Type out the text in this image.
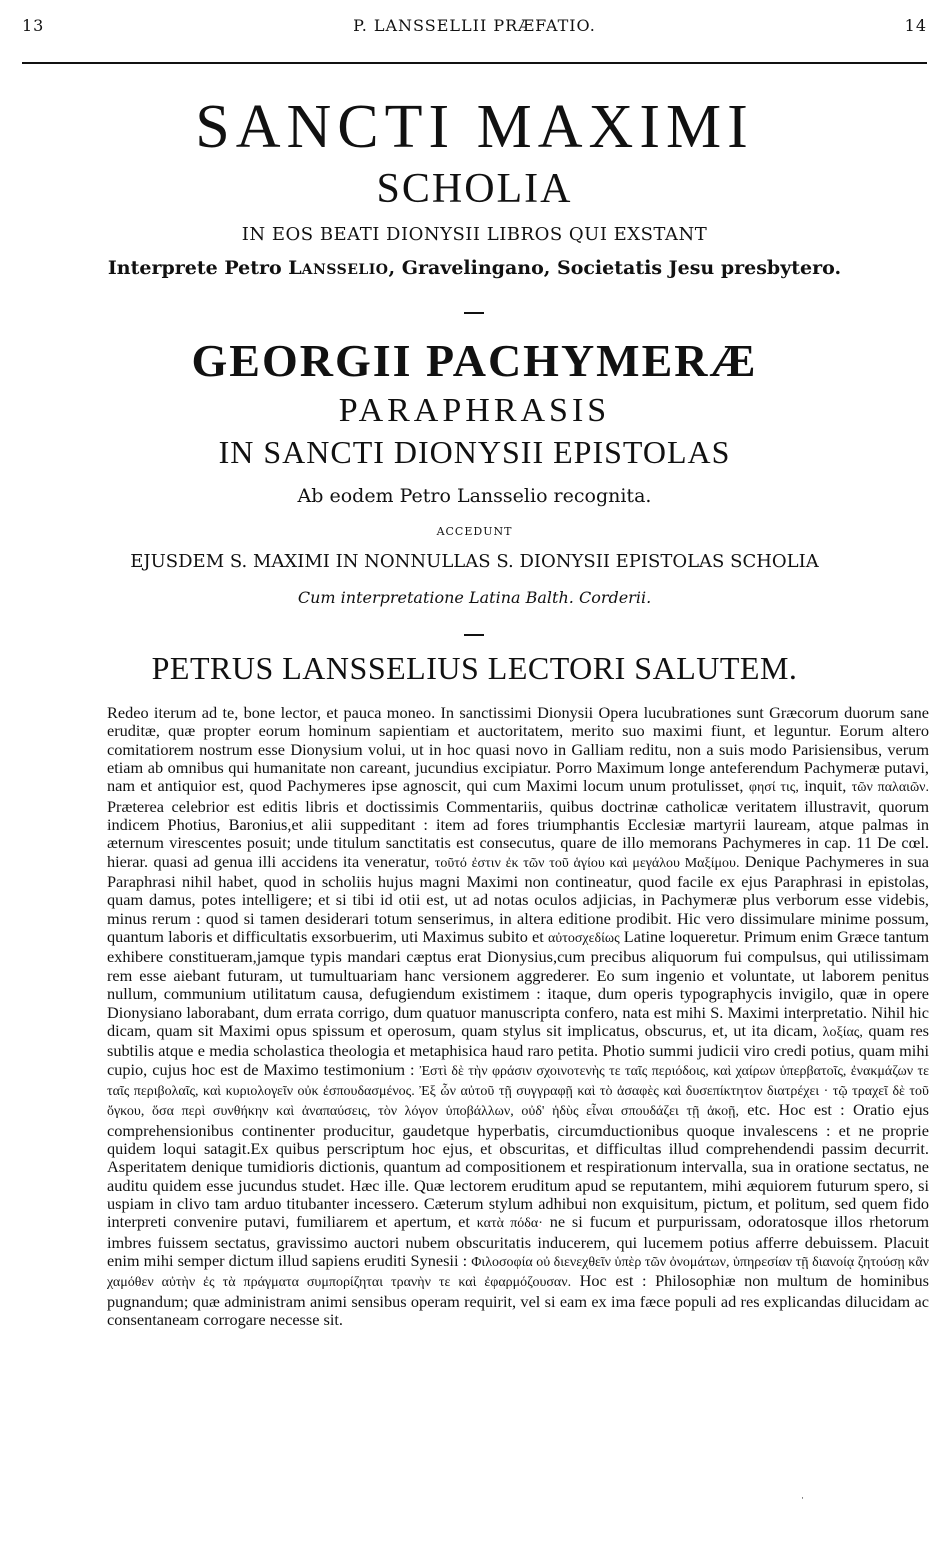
13	P. LANSSELLII PRÆFATIO.	14
SANCTI MAXIMI
SCHOLIA
IN EOS BEATI DIONYSII LIBROS QUI EXSTANT
Interprete Petro LANSSELIO, Gravelingano, Societatis Jesu presbytero.
GEORGII PACHYMERÆ
PARAPHRASIS
IN SANCTI DIONYSII EPISTOLAS
Ab eodem Petro Lansselio recognita.
ACCEDUNT
EJUSDEM S. MAXIMI IN NONNULLAS S. DIONYSII EPISTOLAS SCHOLIA
Cum interpretatione Latina Balth. Corderii.
PETRUS LANSSELIUS LECTORI SALUTEM.
Redeo iterum ad te, bone lector, et pauca moneo. In sanctissimi Dionysii Opera lucubrationes sunt Græcorum duorum sane eruditæ, quæ propter eorum hominum sapientiam et auctoritatem, merito suo maximi fiunt, et leguntur. Eorum altero comitatiorem nostrum esse Dionysium volui, ut in hoc quasi novo in Galliam reditu, non a suis modo Parisiensibus, verum etiam ab omnibus qui humanitate non careant, jucundius excipiatur. Porro Maximum longe anteferendum Pachymeræ putavi, nam et antiquior est, quod Pachymeres ipse agnoscit, qui cum Maximi locum unum protulisset, φησί τις, inquit, τῶν παλαιῶν. Præterea celebrior est editis libris et doctissimis Commentariis, quibus doctrinæ catholicæ veritatem illustravit, quorum indicem Photius, Baronius,et alii suppeditant : item ad fores triumphantis Ecclesiæ martyrii lauream, atque palmas in æternum virescentes posuit; unde titulum sanctitatis est consecutus, quare de illo memorans Pachymeres in cap. 11 De cœl. hierar. quasi ad genua illi accidens ita veneratur, τοῦτό ἐστιν ἐκ τῶν τοῦ ἁγίου καὶ μεγάλου Μαξίμου. Denique Pachymeres in sua Paraphrasi nihil habet, quod in scholiis hujus magni Maximi non contineatur, quod facile ex ejus Paraphrasi in epistolas, quam damus, potes intelligere; et si tibi id otii est, ut ad notas oculos adjicias, in Pachymeræ plus verborum esse videbis, minus rerum : quod si tamen desiderari totum senserimus, in altera editione prodibit. Hic vero dissimulare minime possum, quantum laboris et difficultatis exsorbuerim, uti Maximus subito et αὐτοσχεδίως Latine loqueretur. Primum enim Græce tantum exhibere constitueram,jamque typis mandari cæptus erat Dionysius,cum precibus aliquorum fui compulsus, qui utilissimam rem esse aiebant futuram, ut tumultuariam hanc versionem aggrederer. Eo sum ingenio et voluntate, ut laborem penitus nullum, communium utilitatum causa, defugiendum existimem : itaque, dum operis typographycis invigilo, quæ in opere Dionysiano laborabant, dum errata corrigo, dum quatuor manuscripta confero, nata est mihi S. Maximi interpretatio. Nihil hic dicam, quam sit Maximi opus spissum et operosum, quam stylus sit implicatus, obscurus, et, ut ita dicam, λοξίας, quam res subtilis atque e media scholastica theologia et metaphisica haud raro petita. Photio summi judicii viro credi potius, quam mihi cupio, cujus hoc est de Maximo testimonium : Ἐστὶ δὲ τὴν φράσιν σχοινοτενὴς τε ταῖς περιόδοις, καὶ χαίρων ὑπερβατοῖς, ἐνακμάζων τε ταῖς περιβολαῖς, καὶ κυριολογεῖν οὐκ ἐσπουδασμένος. Ἐξ ὧν αὐτοῦ τῇ συγγραφῇ καὶ τὸ ἀσαφὲς καὶ δυσεπίκτητον διατρέχει · τῷ τραχεῖ δὲ τοῦ ὄγκου, ὅσα περὶ συνθήκην καὶ ἀναπαύσεις, τὸν λόγον ὑποβάλλων, οὐδ' ἡδὺς εἶναι σπουδάζει τῇ ἀκοῇ, etc. Hoc est : Oratio ejus comprehensionibus continenter producitur, gaudetque hyperbatis, circumductionibus quoque invalescens : et ne proprie quidem loqui satagit.Ex quibus perscriptum hoc ejus, et obscuritas, et difficultas illud comprehendendi passim decurrit. Asperitatem denique tumidioris dictionis, quantum ad compositionem et respirationum intervalla, sua in oratione sectatus, ne auditu quidem esse jucundus studet. Hæc ille. Quæ lectorem eruditum apud se reputantem, mihi æquiorem futurum spero, si uspiam in clivo tam arduo titubanter incessero. Cæterum stylum adhibui non exquisitum, pictum, et politum, sed quem fido interpreti convenire putavi, fumiliarem et apertum, et κατὰ πόδα· ne si fucum et purpurissam, odoratosque illos rhetorum imbres fuissem sectatus, gravissimo auctori nubem obscuritatis inducerem, qui lucemem potius afferre debuissem. Placuit enim mihi semper dictum illud sapiens eruditi Synesii : Φιλοσοφία οὐ διενεχθεῖν ὑπὲρ τῶν ὀνομάτων, ὑπηρεσίαν τῇ διανοίᾳ ζητούσῃ κἂν χαμόθεν αὐτὴν ἐς τὰ πράγματα συμπορίζηται τρανὴν τε καὶ ἐφαρμόζουσαν. Hoc est : Philosophiæ non multum de hominibus pugnandum; quæ administram animi sensibus operam requirit, vel si eam ex ima fæce populi ad res explicandas dilucidam ac consentaneam corrogare necesse sit.
˙
